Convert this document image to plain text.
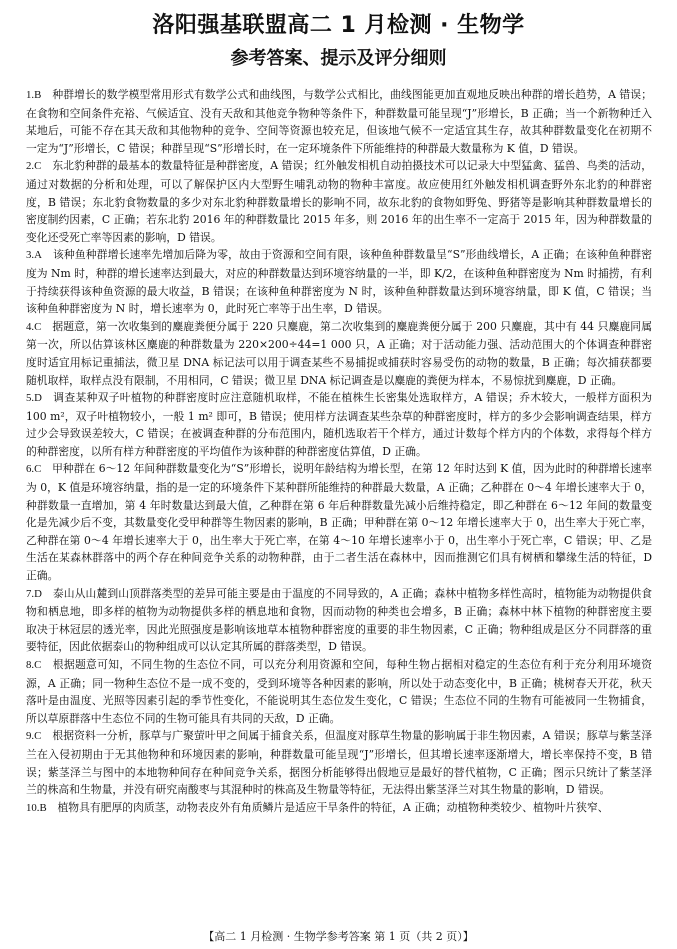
洛阳强基联盟高二 1 月检测 · 生物学
参考答案、提示及评分细则

1.B　 种群增长的数学模型常用形式有数学公式和曲线图，与数学公式相比，曲线图能更加直观地反映出种群的增长趋势，A 错误；在食物和空间条件充裕、气候适宜、没有天敌和其他竞争物种等条件下，种群数量可能呈现“J”形增长，B 正确；当一个新物种迁入某地后，可能不存在其天敌和其他物种的竞争、空间等资源也较充足，但该地气候不一定适宜其生存，故其种群数量变化在初期不一定为“J”形增长，C 错误；种群呈现“S”形增长时，在一定环境条件下所能维持的种群最大数量称为 K 值，D 错误。

2.C　 东北豹种群的最基本的数量特征是种群密度，A 错误；红外触发相机自动拍摄技术可以记录大中型猛禽、猛兽、鸟类的活动，通过对数据的分析和处理，可以了解保护区内大型野生哺乳动物的物种丰富度。故应使用红外触发相机调查野外东北豹的种群密度，B 错误；东北豹食物数量的多少对东北豹种群数量增长的影响不同，故东北豹的食物如野兔、野猪等是影响其种群数量增长的密度制约因素，C 正确；若东北豹 2016 年的种群数量比 2015 年多，则 2016 年的出生率不一定高于 2015 年，因为种群数量的变化还受死亡率等因素的影响，D 错误。

3.A　 该种鱼种群增长速率先增加后降为零，故由于资源和空间有限，该种鱼种群数量呈“S”形曲线增长，A 正确；在该种鱼种群密度为 Nm 时，种群的增长速率达到最大，对应的种群数量达到环境容纳量的一半，即 K/2，在该种鱼种群密度为 Nm 时捕捞，有利于持续获得该种鱼资源的最大收益，B 错误；在该种鱼种群密度为 N 时，该种鱼种群数量达到环境容纳量，即 K 值，C 错误；当该种鱼种群密度为 N 时，增长速率为 0，此时死亡率等于出生率，D 错误。

4.C　 据题意，第一次收集到的麋鹿粪便分属于 220 只麋鹿，第二次收集到的麋鹿粪便分属于 200 只麋鹿，其中有 44 只麋鹿同属第一次，所以估算该林区麋鹿的种群数量为 220×200÷44=1 000 只，A 正确；对于活动能力强、活动范围大的个体调查种群密度时适宜用标记重捕法，微卫星 DNA 标记法可以用于调查某些不易捕捉或捕获时容易受伤的动物的数量，B 正确；每次捕获都要随机取样，取样点没有限制，不用相同，C 错误；微卫星 DNA 标记调查是以麋鹿的粪便为样本，不易惊扰到麋鹿，D 正确。

5.D　 调查某种双子叶植物的种群密度时应注意随机取样，不能在植株生长密集处选取样方，A 错误；乔木较大，一般样方面积为 100 m²，双子叶植物较小，一般 1 m² 即可，B 错误；使用样方法调查某些杂草的种群密度时，样方的多少会影响调查结果，样方过少会导致误差较大，C 错误；在被调查种群的分布范围内，随机选取若干个样方，通过计数每个样方内的个体数，求得每个样方的种群密度，以所有样方种群密度的平均值作为该种群的种群密度估算值，D 正确。

6.C　 甲种群在 6～12 年间种群数量变化为“S”形增长，说明年龄结构为增长型，在第 12 年时达到 K 值，因为此时的种群增长速率为 0，K 值是环境容纳量，指的是一定的环境条件下某种群所能维持的种群最大数量，A 正确；乙种群在 0～4 年增长速率大于 0，种群数量一直增加，第 4 年时数量达到最大值，乙种群在第 6 年后种群数量先减小后维持稳定，即乙种群在 6～12 年间的数量变化是先减少后不变，其数量变化受甲种群等生物因素的影响，B 正确；甲种群在第 0～12 年增长速率大于 0，出生率大于死亡率，乙种群在第 0～4 年增长速率大于 0，出生率大于死亡率，在第 4～10 年增长速率小于 0，出生率小于死亡率，C 错误；甲、乙是生活在某森林群落中的两个存在种间竞争关系的动物种群，由于二者生活在森林中，因而推测它们具有树栖和攀缘生活的特征，D 正确。

7.D　 泰山从山麓到山顶群落类型的差异可能主要是由于温度的不同导致的，A 正确；森林中植物多样性高时，植物能为动物提供食物和栖息地，即多样的植物为动物提供多样的栖息地和食物，因而动物的种类也会增多，B 正确；森林中林下植物的种群密度主要取决于林冠层的透光率，因此光照强度是影响该地草本植物种群密度的重要的非生物因素，C 正确；物种组成是区分不同群落的重要特征，因此依据泰山的物种组成可以认定其所属的群落类型，D 错误。

8.C　 根据题意可知，不同生物的生态位不同，可以充分利用资源和空间，每种生物占据相对稳定的生态位有利于充分利用环境资源，A 正确；同一物种生态位不是一成不变的，受到环境等各种因素的影响，所以处于动态变化中，B 正确；桃树春天开花，秋天落叶是由温度、光照等因素引起的季节性变化，不能说明其生态位发生变化，C 错误；生态位不同的生物有可能被同一生物捕食，所以草原群落中生态位不同的生物可能具有共同的天敌，D 正确。

9.C　 根据资料一分析，豚草与广聚萤叶甲之间属于捕食关系，但温度对豚草生物量的影响属于非生物因素，A 错误；豚草与紫茎泽兰在入侵初期由于无其他物种和环境因素的影响，种群数量可能呈现“J”形增长，但其增长速率逐渐增大，增长率保持不变，B 错误；紫茎泽兰与图中的本地物种间存在种间竞争关系，据图分析能够得出假地豆是最好的替代植物，C 正确；图示只统计了紫茎泽兰的株高和生物量，并没有研究南酸枣与其混种时的株高及生物量等特征，无法得出紫茎泽兰对其生物量的影响，D 错误。

10.B　 植物具有肥厚的肉质茎，动物表皮外有角质鳞片是适应干旱条件的特征，A 正确；动植物种类较少、植物叶片狭窄、

【高二 1 月检测 · 生物学参考答案 第 1 页（共 2 页）】
